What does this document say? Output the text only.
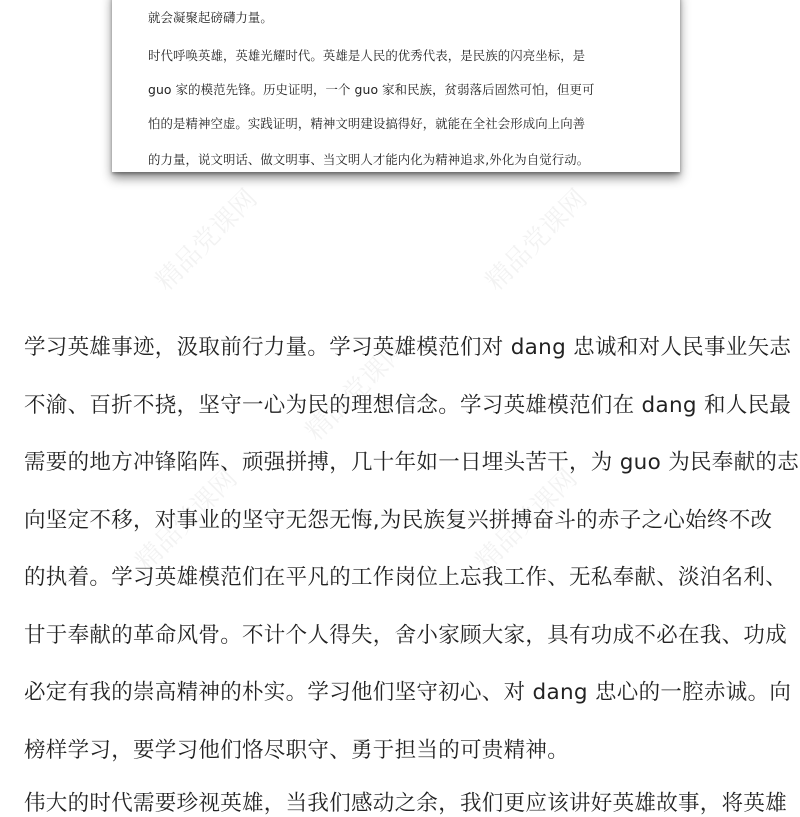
精品党课网	精品党课网
精品党课网
精品党课网	精品党课网
就会凝聚起磅礴力量。
时代呼唤英雄，英雄光耀时代。英雄是人民的优秀代表，是民族的闪亮坐标，是
guo 家的模范先锋。历史证明，一个 guo 家和民族，贫弱落后固然可怕，但更可
怕的是精神空虚。实践证明，精神文明建设搞得好，就能在全社会形成向上向善
的力量，说文明话、做文明事、当文明人才能内化为精神追求,外化为自觉行动。
学习英雄事迹，汲取前行力量。学习英雄模范们对 dang 忠诚和对人民事业矢志
不渝、百折不挠，坚守一心为民的理想信念。学习英雄模范们在 dang 和人民最
需要的地方冲锋陷阵、顽强拼搏，几十年如一日埋头苦干，为 guo 为民奉献的志
向坚定不移，对事业的坚守无怨无悔,为民族复兴拼搏奋斗的赤子之心始终不改
的执着。学习英雄模范们在平凡的工作岗位上忘我工作、无私奉献、淡泊名利、
甘于奉献的革命风骨。不计个人得失，舍小家顾大家，具有功成不必在我、功成
必定有我的崇高精神的朴实。学习他们坚守初心、对 dang 忠心的一腔赤诚。向
榜样学习，要学习他们恪尽职守、勇于担当的可贵精神。
伟大的时代需要珍视英雄，当我们感动之余，我们更应该讲好英雄故事，将英雄
